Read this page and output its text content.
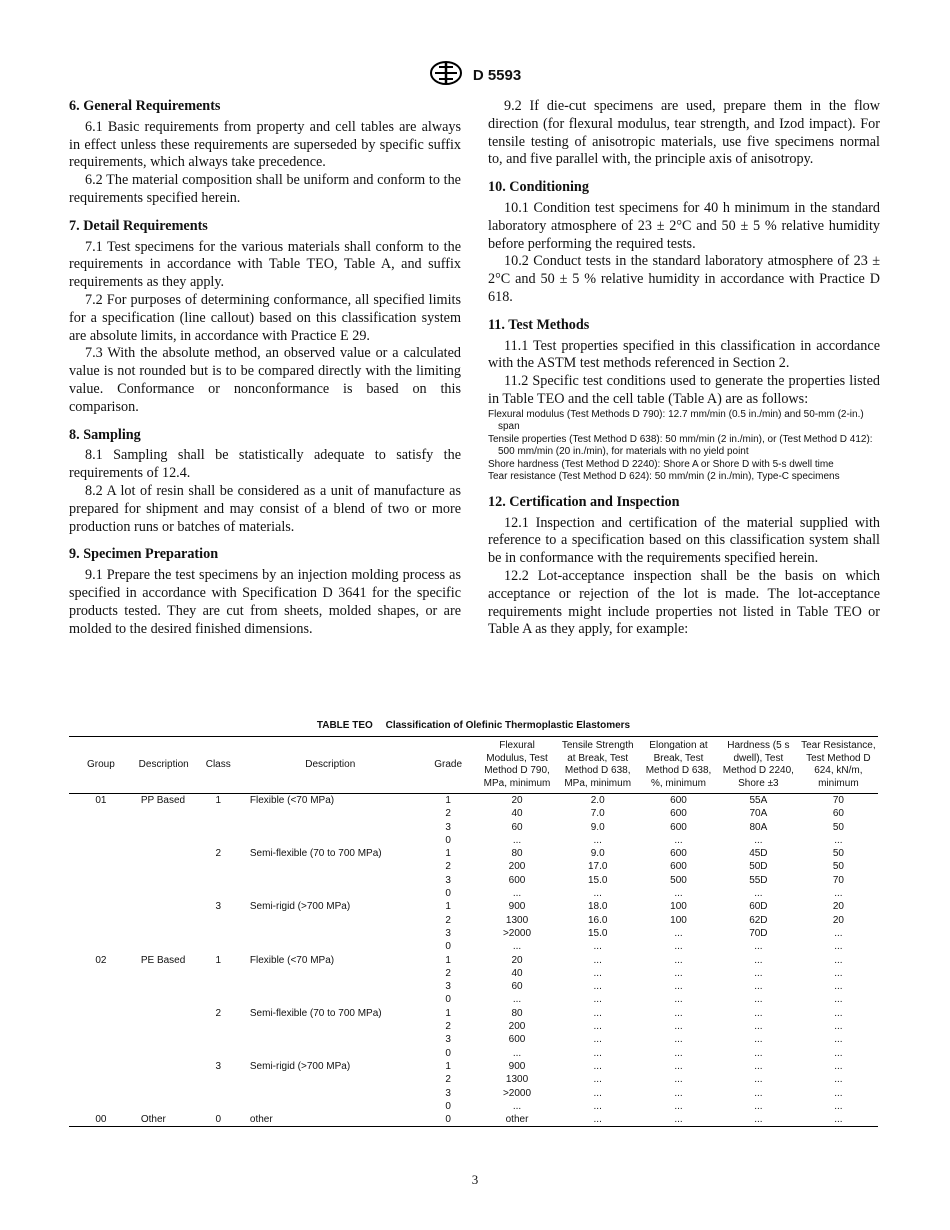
D 5593
6. General Requirements

6.1 Basic requirements from property and cell tables are always in effect unless these requirements are superseded by specific suffix requirements, which always take precedence.

6.2 The material composition shall be uniform and conform to the requirements specified herein.

7. Detail Requirements

7.1 Test specimens for the various materials shall conform to the requirements in accordance with Table TEO, Table A, and suffix requirements as they apply.

7.2 For purposes of determining conformance, all specified limits for a specification (line callout) based on this classification system are absolute limits, in accordance with Practice E 29.

7.3 With the absolute method, an observed value or a calculated value is not rounded but is to be compared directly with the limiting value. Conformance or nonconformance is based on this comparison.

8. Sampling

8.1 Sampling shall be statistically adequate to satisfy the requirements of 12.4.

8.2 A lot of resin shall be considered as a unit of manufacture as prepared for shipment and may consist of a blend of two or more production runs or batches of materials.

9. Specimen Preparation

9.1 Prepare the test specimens by an injection molding process as specified in accordance with Specification D 3641 for the specific products tested. They are cut from sheets, molded shapes, or are molded to the desired finished dimensions.

9.2 If die-cut specimens are used, prepare them in the flow direction (for flexural modulus, tear strength, and Izod impact). For tensile testing of anisotropic materials, use five specimens normal to, and five parallel with, the principle axis of anisotropy.

10. Conditioning

10.1 Condition test specimens for 40 h minimum in the standard laboratory atmosphere of 23 ± 2°C and 50 ± 5 % relative humidity before performing the required tests.

10.2 Conduct tests in the standard laboratory atmosphere of 23 ± 2°C and 50 ± 5 % relative humidity in accordance with Practice D 618.

11. Test Methods

11.1 Test properties specified in this classification in accordance with the ASTM test methods referenced in Section 2.

11.2 Specific test conditions used to generate the properties listed in Table TEO and the cell table (Table A) are as follows:

Flexural modulus (Test Methods D 790): 12.7 mm/min (0.5 in./min) and 50-mm (2-in.) span
Tensile properties (Test Method D 638): 50 mm/min (2 in./min), or (Test Method D 412): 500 mm/min (20 in./min), for materials with no yield point
Shore hardness (Test Method D 2240): Shore A or Shore D with 5-s dwell time
Tear resistance (Test Method D 624): 50 mm/min (2 in./min), Type-C specimens
12. Certification and Inspection

12.1 Inspection and certification of the material supplied with reference to a specification based on this classification system shall be in conformance with the requirements specified herein.

12.2 Lot-acceptance inspection shall be the basis on which acceptance or rejection of the lot is made. The lot-acceptance requirements might include properties not listed in Table TEO or Table A as they apply, for example:

TABLE TEO Classification of Olefinic Thermoplastic Elastomers
Group	Description	Class	Description	Grade	Flexural Modulus, Test Method D 790, MPa, minimum	Tensile Strength at Break, Test Method D 638, MPa, minimum	Elongation at Break, Test Method D 638, %, minimum	Hardness (5 s dwell), Test Method D 2240, Shore ±3	Tear Resistance, Test Method D 624, kN/m, minimum
01	PP Based	1	Flexible (<70 MPa)	1	20	2.0	600	55A	70
				2	40	7.0	600	70A	60
				3	60	9.0	600	80A	50
				0	...	...	...	...	...
		2	Semi-flexible (70 to 700 MPa)	1	80	9.0	600	45D	50
				2	200	17.0	600	50D	50
				3	600	15.0	500	55D	70
				0	...	...	...	...	...
		3	Semi-rigid (>700 MPa)	1	900	18.0	100	60D	20
				2	1300	16.0	100	62D	20
				3	>2000	15.0	...	70D	...
				0	...	...	...	...	...
02	PE Based	1	Flexible (<70 MPa)	1	20	...	...	...	...
				2	40	...	...	...	...
				3	60	...	...	...	...
				0	...	...	...	...	...
		2	Semi-flexible (70 to 700 MPa)	1	80	...	...	...	...
				2	200	...	...	...	...
				3	600	...	...	...	...
				0	...	...	...	...	...
		3	Semi-rigid (>700 MPa)	1	900	...	...	...	...
				2	1300	...	...	...	...
				3	>2000	...	...	...	...
				0	...	...	...	...	...
00	Other	0	other	0	other	...	...	...	...
3
